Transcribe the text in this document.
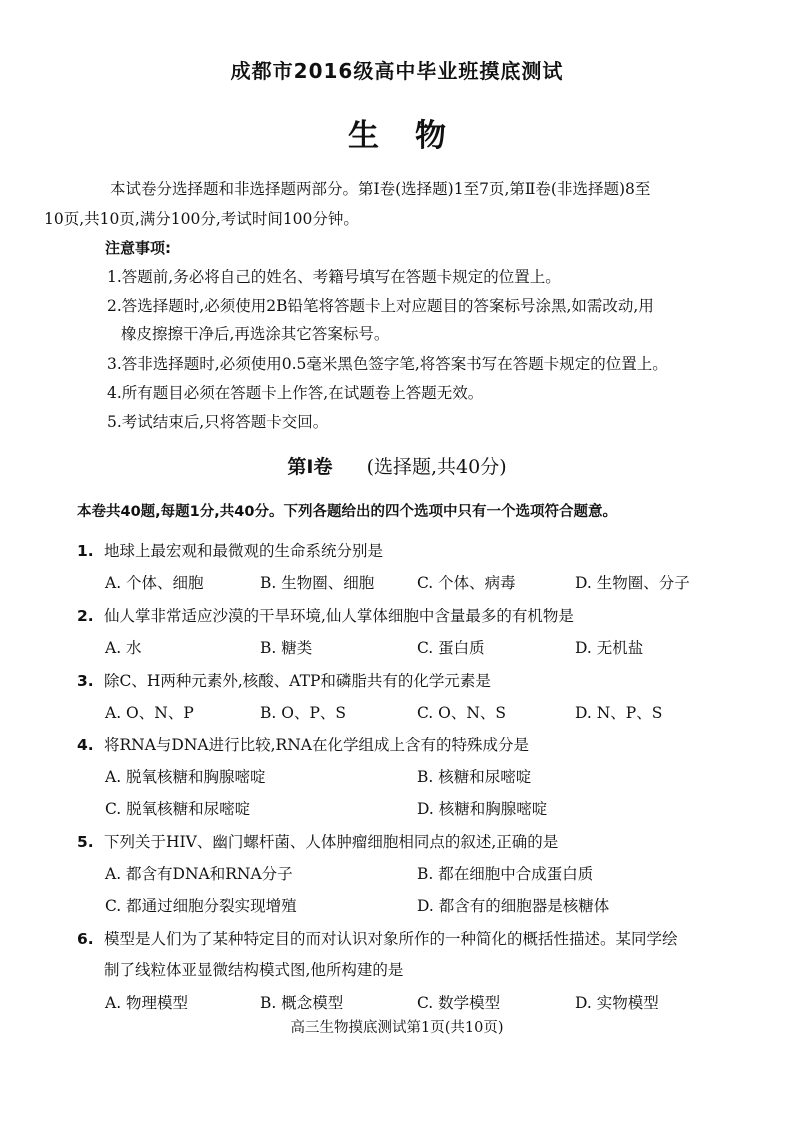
成都市2016级高中毕业班摸底测试
生物
本试卷分选择题和非选择题两部分。第Ⅰ卷(选择题)1至7页,第Ⅱ卷(非选择题)8至
10页,共10页,满分100分,考试时间100分钟。
注意事项:
1.答题前,务必将自己的姓名、考籍号填写在答题卡规定的位置上。
2.答选择题时,必须使用2B铅笔将答题卡上对应题目的答案标号涂黑,如需改动,用
橡皮擦擦干净后,再选涂其它答案标号。
3.答非选择题时,必须使用0.5毫米黑色签字笔,将答案书写在答题卡规定的位置上。
4.所有题目必须在答题卡上作答,在试题卷上答题无效。
5.考试结束后,只将答题卡交回。
第Ⅰ卷 (选择题,共40分)
本卷共40题,每题1分,共40分。下列各题给出的四个选项中只有一个选项符合题意。
1. 地球上最宏观和最微观的生命系统分别是
A. 个体、细胞	B. 生物圈、细胞	C. 个体、病毒	D. 生物圈、分子
2. 仙人掌非常适应沙漠的干旱环境,仙人掌体细胞中含量最多的有机物是
A. 水	B. 糖类	C. 蛋白质	D. 无机盐
3. 除C、H两种元素外,核酸、ATP和磷脂共有的化学元素是
A. O、N、P	B. O、P、S	C. O、N、S	D. N、P、S
4. 将RNA与DNA进行比较,RNA在化学组成上含有的特殊成分是
A. 脱氧核糖和胸腺嘧啶	B. 核糖和尿嘧啶
C. 脱氧核糖和尿嘧啶	D. 核糖和胸腺嘧啶
5. 下列关于HIV、幽门螺杆菌、人体肿瘤细胞相同点的叙述,正确的是
A. 都含有DNA和RNA分子	B. 都在细胞中合成蛋白质
C. 都通过细胞分裂实现增殖	D. 都含有的细胞器是核糖体
6. 模型是人们为了某种特定目的而对认识对象所作的一种简化的概括性描述。某同学绘
制了线粒体亚显微结构模式图,他所构建的是
A. 物理模型	B. 概念模型	C. 数学模型	D. 实物模型
高三生物摸底测试第1页(共10页)
